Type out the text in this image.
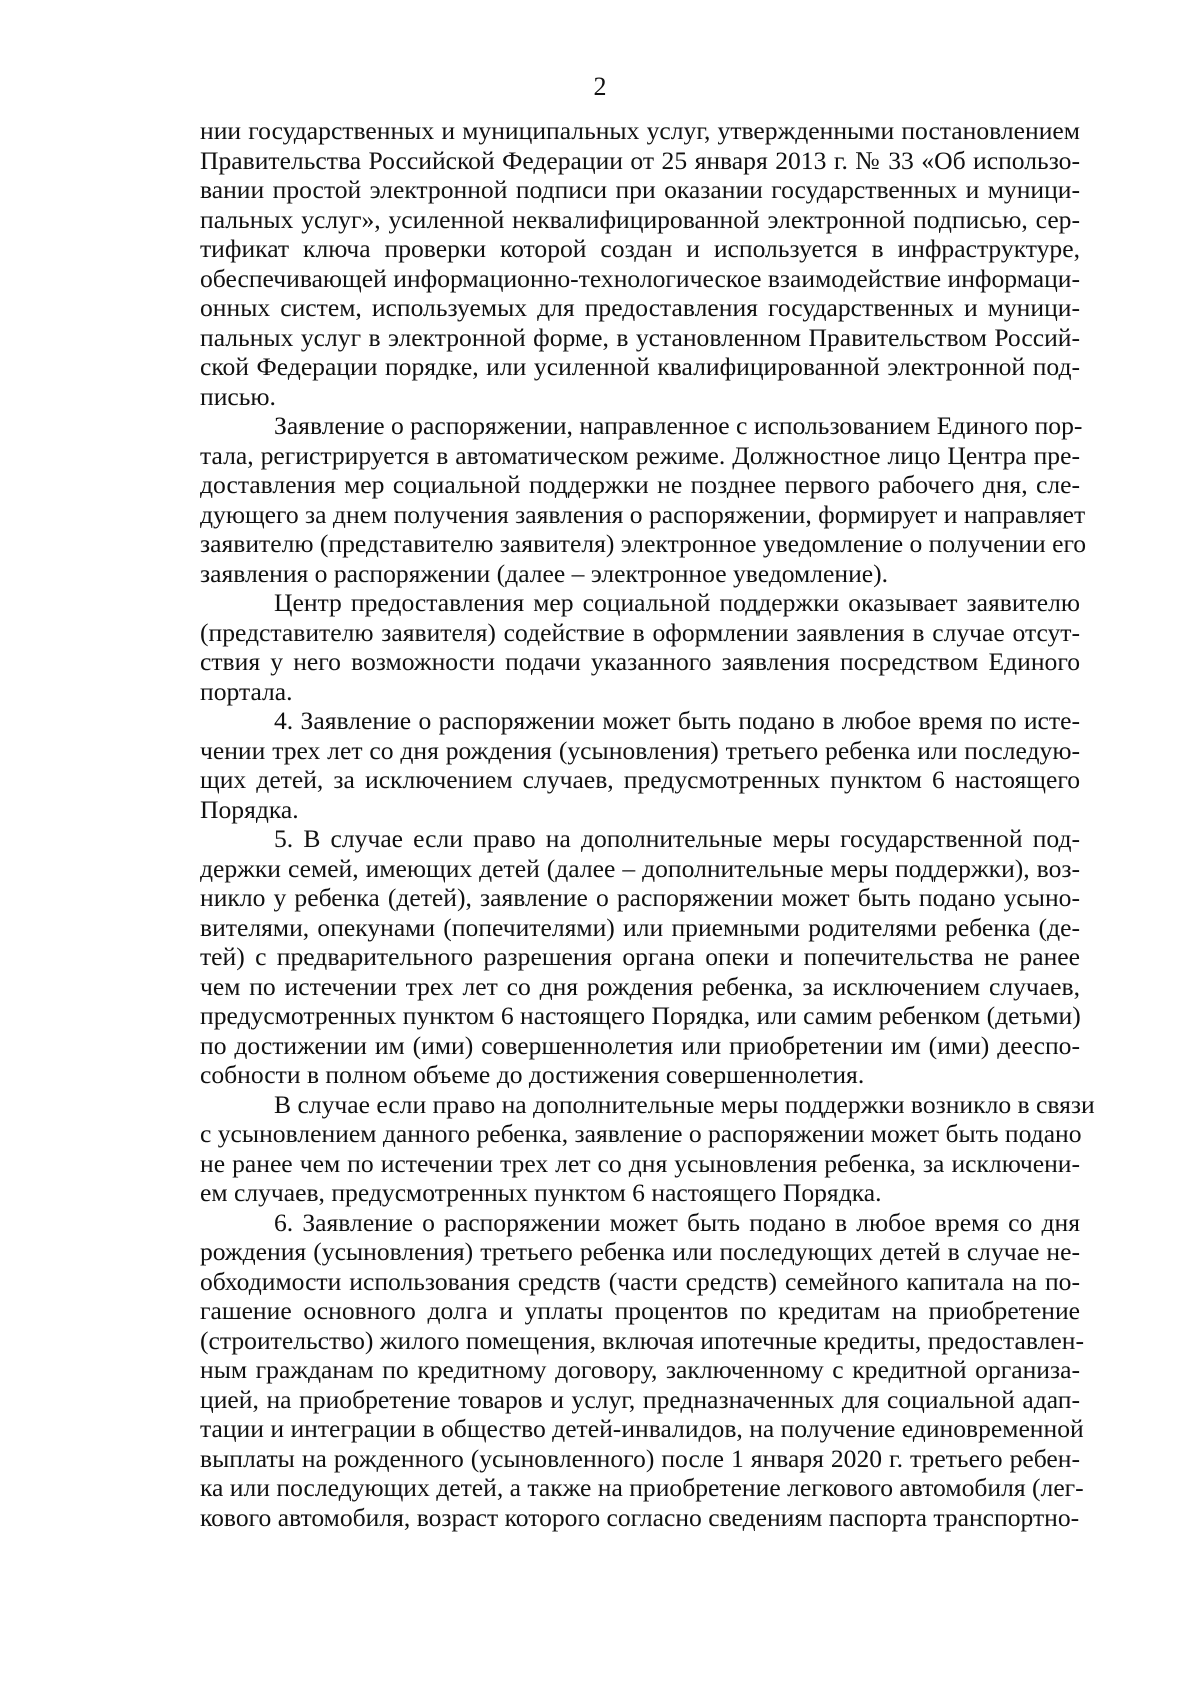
2
нии государственных и муниципальных услуг, утвержденными постановлением
Правительства Российской Федерации от 25 января 2013 г. № 33 «Об использо-
вании простой электронной подписи при оказании государственных и муници-
пальных услуг», усиленной неквалифицированной электронной подписью, сер-
тификат ключа проверки которой создан и используется в инфраструктуре,
обеспечивающей информационно-технологическое взаимодействие информаци-
онных систем, используемых для предоставления государственных и муници-
пальных услуг в электронной форме, в установленном Правительством Россий-
ской Федерации порядке, или усиленной квалифицированной электронной под-
писью.
Заявление о распоряжении, направленное с использованием Единого пор-
тала, регистрируется в автоматическом режиме. Должностное лицо Центра пре-
доставления мер социальной поддержки не позднее первого рабочего дня, сле-
дующего за днем получения заявления о распоряжении, формирует и направляет
заявителю (представителю заявителя) электронное уведомление о получении его
заявления о распоряжении (далее – электронное уведомление).
Центр предоставления мер социальной поддержки оказывает заявителю
(представителю заявителя) содействие в оформлении заявления в случае отсут-
ствия у него возможности подачи указанного заявления посредством Единого
портала.
4. Заявление о распоряжении может быть подано в любое время по исте-
чении трех лет со дня рождения (усыновления) третьего ребенка или последую-
щих детей, за исключением случаев, предусмотренных пунктом 6 настоящего
Порядка.
5. В случае если право на дополнительные меры государственной под-
держки семей, имеющих детей (далее – дополнительные меры поддержки), воз-
никло у ребенка (детей), заявление о распоряжении может быть подано усыно-
вителями, опекунами (попечителями) или приемными родителями ребенка (де-
тей) с предварительного разрешения органа опеки и попечительства не ранее
чем по истечении трех лет со дня рождения ребенка, за исключением случаев,
предусмотренных пунктом 6 настоящего Порядка, или самим ребенком (детьми)
по достижении им (ими) совершеннолетия или приобретении им (ими) дееспо-
собности в полном объеме до достижения совершеннолетия.
В случае если право на дополнительные меры поддержки возникло в связи
с усыновлением данного ребенка, заявление о распоряжении может быть подано
не ранее чем по истечении трех лет со дня усыновления ребенка, за исключени-
ем случаев, предусмотренных пунктом 6 настоящего Порядка.
6. Заявление о распоряжении может быть подано в любое время со дня
рождения (усыновления) третьего ребенка или последующих детей в случае не-
обходимости использования средств (части средств) семейного капитала на по-
гашение основного долга и уплаты процентов по кредитам на приобретение
(строительство) жилого помещения, включая ипотечные кредиты, предоставлен-
ным гражданам по кредитному договору, заключенному с кредитной организа-
цией, на приобретение товаров и услуг, предназначенных для социальной адап-
тации и интеграции в общество детей-инвалидов, на получение единовременной
выплаты на рожденного (усыновленного) после 1 января 2020 г. третьего ребен-
ка или последующих детей, а также на приобретение легкового автомобиля (лег-
кового автомобиля, возраст которого согласно сведениям паспорта транспортно-
